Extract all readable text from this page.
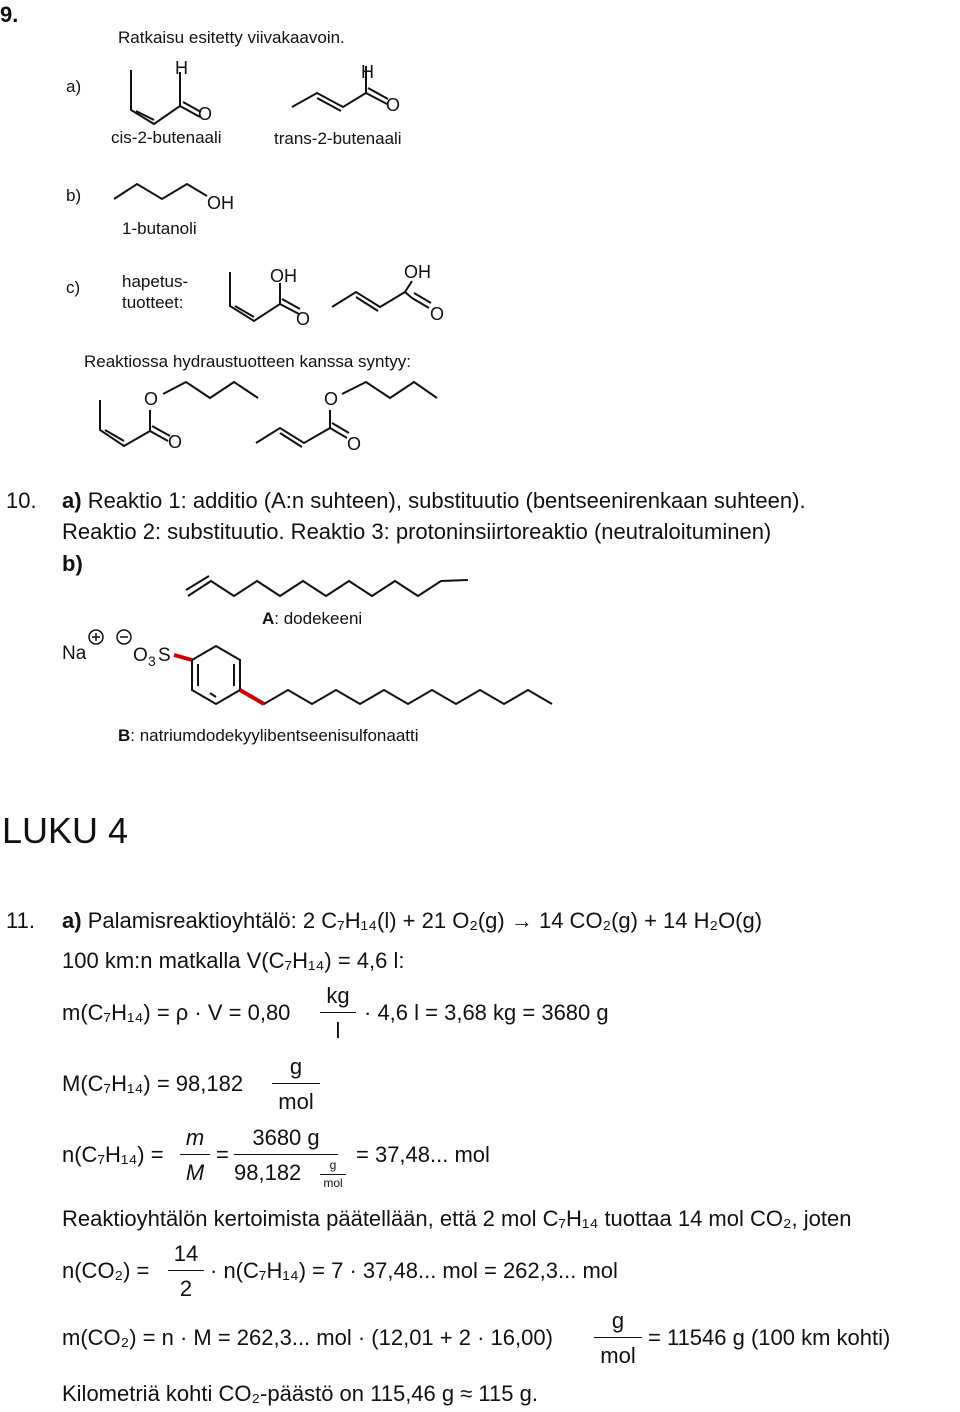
9.
Ratkaisu esitetty viivakaavoin.
a)
cis-2-butenaali	trans-2-butenaali
b)
1-butanoli
c) hapetus-
tuotteet:
Reaktiossa hydraustuotteen kanssa syntyy:
H
O
H
O
OH
OH
O
OH
O
O
O
O
O
Na O 3 S
10. a) Reaktio 1: additio (A:n suhteen), substituutio (bentseenirenkaan suhteen).
Reaktio 2: substituutio. Reaktio 3: protoninsiirtoreaktio (neutraloituminen)
b)
A: dodekeeni
B: natriumdodekyylibentseenisulfonaatti
LUKU 4
11. a) Palamisreaktioyhtälö: 2 C₇H₁₄(l) + 21 O₂(g) → 14 CO₂(g) + 14 H₂O(g)
100 km:n matkalla V(C₇H₁₄) = 4,6 l:
m(C₇H₁₄) = ρ · V = 0,80
kg
l
· 4,6 l = 3,68 kg = 3680 g
M(C₇H₁₄) = 98,182
g
mol
n(C₇H₁₄) =
m
M
=
3680 g
98,182	g
mol
= 37,48... mol
Reaktioyhtälön kertoimista päätellään, että 2 mol C₇H₁₄ tuottaa 14 mol CO₂, joten
n(CO₂) =
14
2
· n(C₇H₁₄) = 7 · 37,48... mol = 262,3... mol
m(CO₂) = n · M = 262,3... mol · (12,01 + 2 · 16,00)
g
mol
= 11546 g (100 km kohti)
Kilometriä kohti CO₂-päästö on 115,46 g ≈ 115 g.
